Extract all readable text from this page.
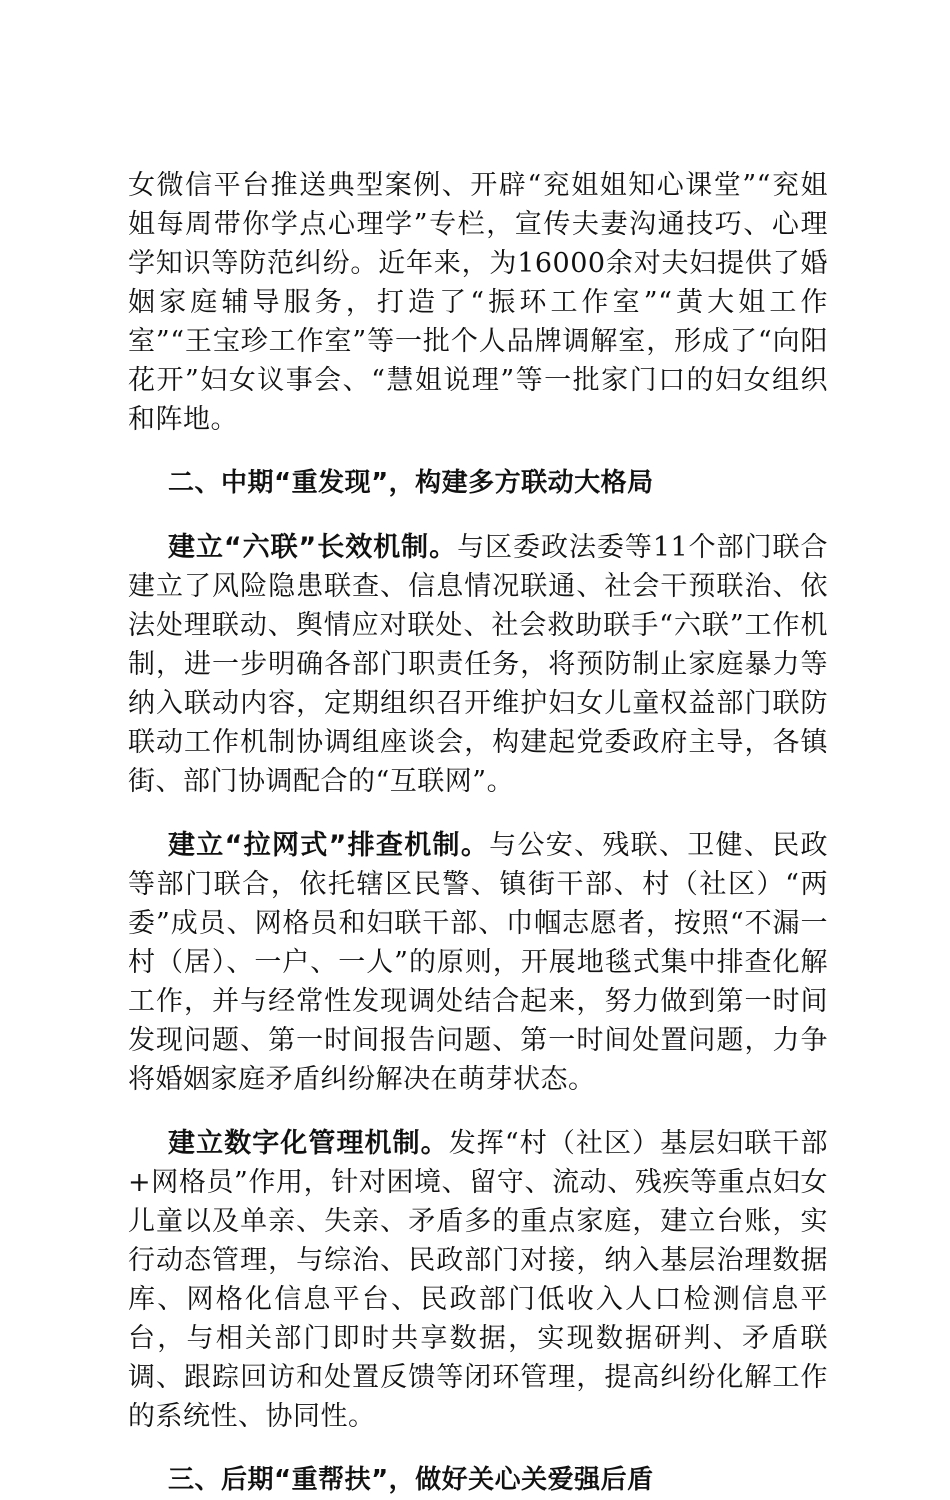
女微信平台推送典型案例、开辟“兖姐姐知心课堂”“兖姐姐每周带你学点心理学”专栏，宣传夫妻沟通技巧、心理学知识等防范纠纷。近年来，为16000余对夫妇提供了婚姻家庭辅导服务，打造了“振环工作室”“黄大姐工作室”“王宝珍工作室”等一批个人品牌调解室，形成了“向阳花开”妇女议事会、“慧姐说理”等一批家门口的妇女组织和阵地。

二、中期“重发现”，构建多方联动大格局

建立“六联”长效机制。与区委政法委等11个部门联合建立了风险隐患联查、信息情况联通、社会干预联治、依法处理联动、舆情应对联处、社会救助联手“六联”工作机制，进一步明确各部门职责任务，将预防制止家庭暴力等纳入联动内容，定期组织召开维护妇女儿童权益部门联防联动工作机制协调组座谈会，构建起党委政府主导，各镇街、部门协调配合的“互联网”。

建立“拉网式”排查机制。与公安、残联、卫健、民政等部门联合，依托辖区民警、镇街干部、村（社区）“两委”成员、网格员和妇联干部、巾帼志愿者，按照“不漏一村（居）、一户、一人”的原则，开展地毯式集中排查化解工作，并与经常性发现调处结合起来，努力做到第一时间发现问题、第一时间报告问题、第一时间处置问题，力争将婚姻家庭矛盾纠纷解决在萌芽状态。

建立数字化管理机制。发挥“村（社区）基层妇联干部+网格员”作用，针对困境、留守、流动、残疾等重点妇女儿童以及单亲、失亲、矛盾多的重点家庭，建立台账，实行动态管理，与综治、民政部门对接，纳入基层治理数据库、网格化信息平台、民政部门低收入人口检测信息平台，与相关部门即时共享数据，实现数据研判、矛盾联调、跟踪回访和处置反馈等闭环管理，提高纠纷化解工作的系统性、协同性。

三、后期“重帮扶”，做好关心关爱强后盾
